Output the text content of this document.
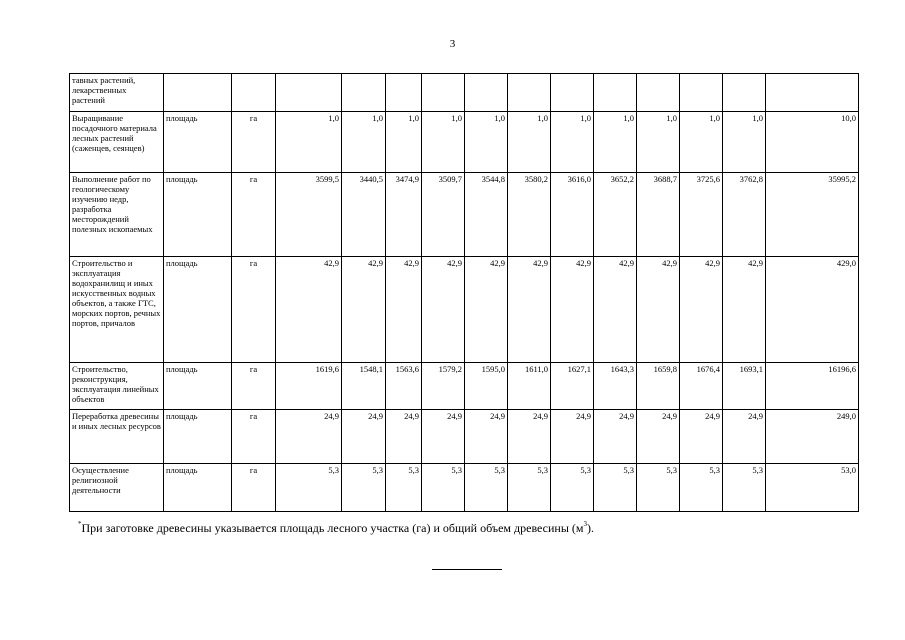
3
тавных растений, лекарственных растений														
Выращивание посадочного материала лесных растений (саженцев, сеянцев)	площадь	га	1,0	1,0	1,0	1,0	1,0	1,0	1,0	1,0	1,0	1,0	1,0	10,0
Выполнение работ по геологическому изучению недр, разработка месторождений полезных ископаемых	площадь	га	3599,5	3440,5	3474,9	3509,7	3544,8	3580,2	3616,0	3652,2	3688,7	3725,6	3762,8	35995,2
Строительство и эксплуатация водохранилищ и иных искусственных водных объектов, а также ГТС, морских портов, речных портов, причалов	площадь	га	42,9	42,9	42,9	42,9	42,9	42,9	42,9	42,9	42,9	42,9	42,9	429,0
Строительство, реконструкция, эксплуатация линейных объектов	площадь	га	1619,6	1548,1	1563,6	1579,2	1595,0	1611,0	1627,1	1643,3	1659,8	1676,4	1693,1	16196,6
Переработка древесины и иных лесных ресурсов	площадь	га	24,9	24,9	24,9	24,9	24,9	24,9	24,9	24,9	24,9	24,9	24,9	249,0
Осуществление религиозной деятельности	площадь	га	5,3	5,3	5,3	5,3	5,3	5,3	5,3	5,3	5,3	5,3	5,3	53,0
*При заготовке древесины указывается площадь лесного участка (га) и общий объем древесины $(м^3)$.
